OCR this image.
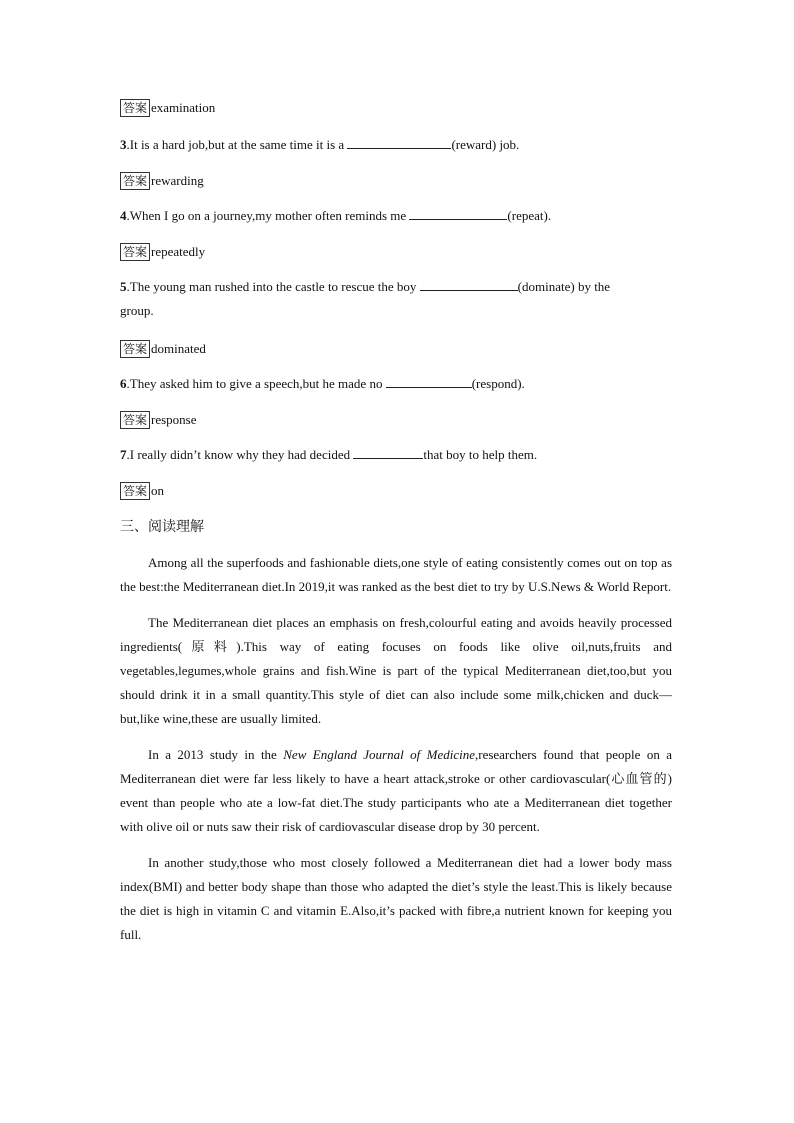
答案 examination
3.It is a hard job,but at the same time it is a	(reward) job.
答案 rewarding
4.When I go on a journey,my mother often reminds me	(repeat).
答案 repeatedly
5.The young man rushed into the castle to rescue the boy	(dominate) by the
group.
答案 dominated
6.They asked him to give a speech,but he made no	(respond).
答案 response
7.I really didn’t know why they had decided	that boy to help them.
答案 on
三、阅读理解

Among all the superfoods and fashionable diets,one style of eating consistently comes out on top as the best:the Mediterranean diet.In 2019,it was ranked as the best diet to try by U.S.News & World Report.

The Mediterranean diet places an emphasis on fresh,colourful eating and avoids heavily processed ingredients(原料).This way of eating focuses on foods like olive oil,nuts,fruits and vegetables,legumes,whole grains and fish.Wine is part of the typical Mediterranean diet,too,but you should drink it in a small quantity.This style of diet can also include some milk,chicken and duck—but,like wine,these are usually limited.

In a 2013 study in the New England Journal of Medicine,researchers found that people on a Mediterranean diet were far less likely to have a heart attack,stroke or other cardiovascular(心血管的) event than people who ate a low-fat diet.The study participants who ate a Mediterranean diet together with olive oil or nuts saw their risk of cardiovascular disease drop by 30 percent.

In another study,those who most closely followed a Mediterranean diet had a lower body mass index(BMI) and better body shape than those who adapted the diet’s style the least.This is likely because the diet is high in vitamin C and vitamin E.Also,it’s packed with fibre,a nutrient known for keeping you full.
